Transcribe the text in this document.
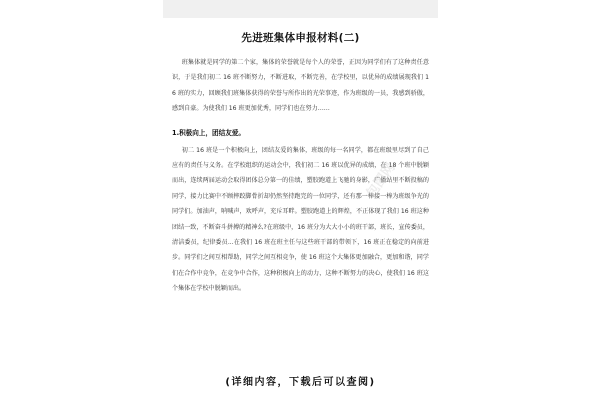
先进班集体申报材料(二)

班集体就是同学的第二个家，集体的荣誉就是每个人的荣誉，正因为同学们有了这种责任意识，于是我们初二 16 班不断努力，不断进取，不断完善，在学校里，以优异的成绩展现我们 16 班的实力，回顾我们班集体获得的荣誉与所作出的光荣事迹，作为班级的一员，我感到骄傲，感到自豪。为使我们 16 班更加优秀，同学们也在努力……

1.积极向上，团结友爱。

初二 16 班是一个积极向上，团结友爱的集体，班级的每一名同学，都在班级里尽到了自己应有的责任与义务。在学校组织的运动会中，我们初二 16 班以优异的成绩，在 18 个班中脱颖而出，连续两届运动会取得团体总分第一的佳绩，塑胶跑道上飞驰的身影，广播站里不断投稿的同学，接力比赛中不顾摔跤脚骨折却仍然坚持跑完的一位同学，还有那一棒接一棒为班级争光的同学们。加油声，呐喊声，欢呼声，充斥耳畔。塑胶跑道上的辉煌，不正体现了我们 16 班这种团结一致，不断奋斗拼搏的精神么?在班级中，16 班分为大大小小的班干部，班长，宣传委员，清洁委员，纪律委员...在我们 16 班在班主任与这些班干部的带领下，16 班正在稳定的向前进步。同学们之间互相帮助，同学之间互相竞争，使 16 班这个大集体更加融合，更加和谐，同学们在合作中竞争，在竞争中合作，这种积极向上的动力，这种不断努力的决心，使我们 16 班这个集体在学校中脱颖而出。

包图网
(详细内容，下载后可以查阅)
